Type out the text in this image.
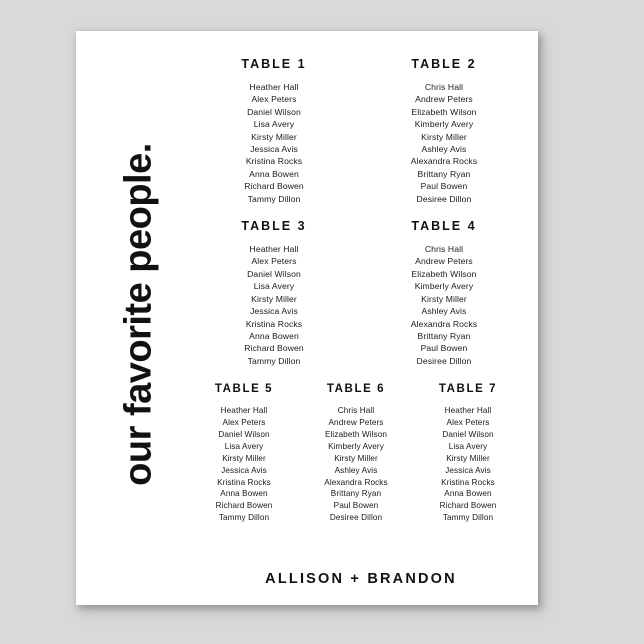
our favorite people.
TABLE 1
Heather Hall
Alex Peters
Daniel Wilson
Lisa Avery
Kirsty Miller
Jessica Avis
Kristina Rocks
Anna Bowen
Richard Bowen
Tammy Dillon
TABLE 2
Chris Hall
Andrew Peters
Elizabeth Wilson
Kimberly Avery
Kirsty Miller
Ashley Avis
Alexandra Rocks
Brittany Ryan
Paul Bowen
Desiree Dillon
TABLE 3
Heather Hall
Alex Peters
Daniel Wilson
Lisa Avery
Kirsty Miller
Jessica Avis
Kristina Rocks
Anna Bowen
Richard Bowen
Tammy Dillon
TABLE 4
Chris Hall
Andrew Peters
Elizabeth Wilson
Kimberly Avery
Kirsty Miller
Ashley Avis
Alexandra Rocks
Brittany Ryan
Paul Bowen
Desiree Dillon
TABLE 5
Heather Hall
Alex Peters
Daniel Wilson
Lisa Avery
Kirsty Miller
Jessica Avis
Kristina Rocks
Anna Bowen
Richard Bowen
Tammy Dillon
TABLE 6
Chris Hall
Andrew Peters
Elizabeth Wilson
Kimberly Avery
Kirsty Miller
Ashley Avis
Alexandra Rocks
Brittany Ryan
Paul Bowen
Desiree Dillon
TABLE 7
Heather Hall
Alex Peters
Daniel Wilson
Lisa Avery
Kirsty Miller
Jessica Avis
Kristina Rocks
Anna Bowen
Richard Bowen
Tammy Dillon
ALLISON + BRANDON
